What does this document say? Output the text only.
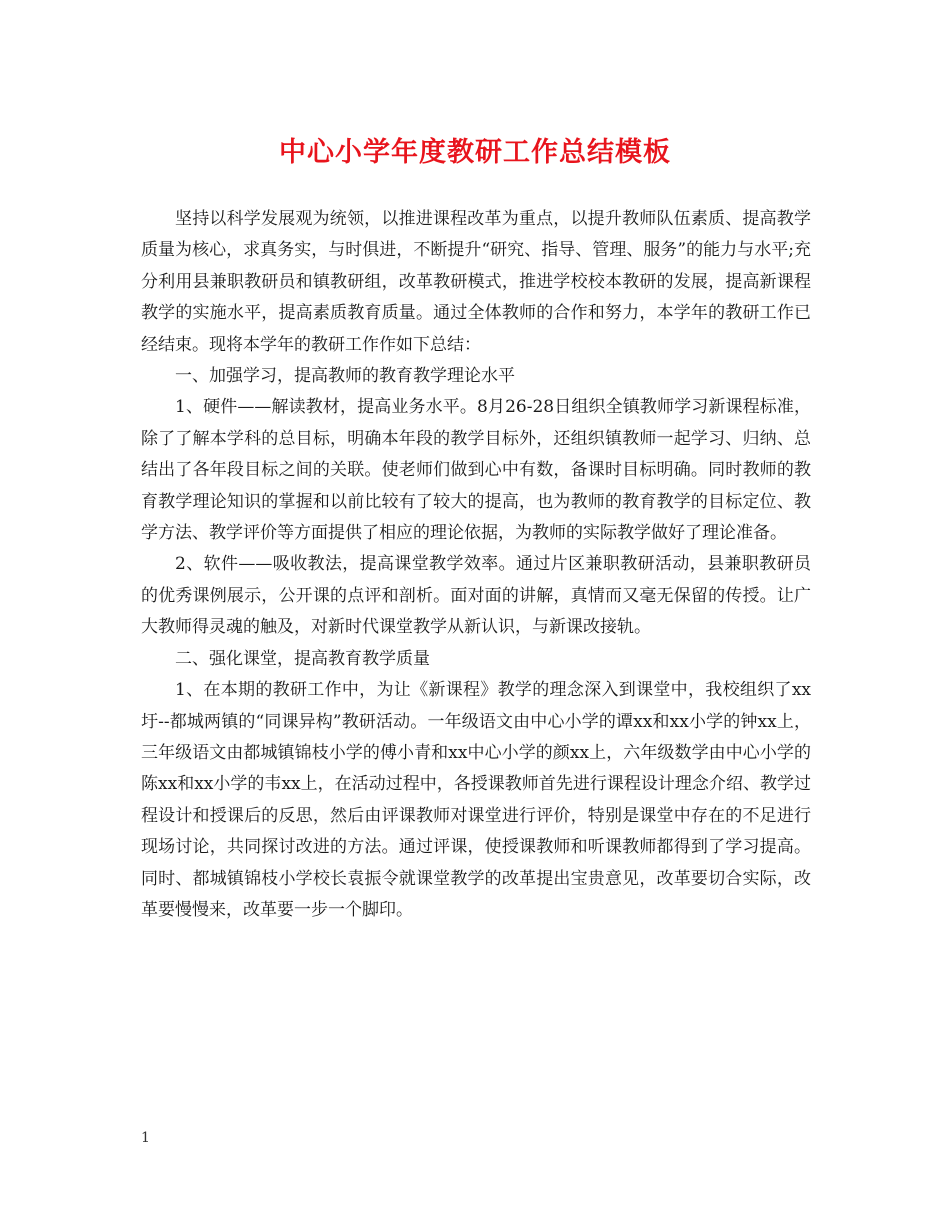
中心小学年度教研工作总结模板

坚持以科学发展观为统领，以推进课程改革为重点，以提升教师队伍素质、提高教学质量为核心，求真务实，与时俱进，不断提升“研究、指导、管理、服务”的能力与水平;充分利用县兼职教研员和镇教研组，改革教研模式，推进学校校本教研的发展，提高新课程教学的实施水平，提高素质教育质量。通过全体教师的合作和努力，本学年的教研工作已经结束。现将本学年的教研工作作如下总结：

一、加强学习，提高教师的教育教学理论水平

1、硬件——解读教材，提高业务水平。8月26-28日组织全镇教师学习新课程标准，除了了解本学科的总目标，明确本年段的教学目标外，还组织镇教师一起学习、归纳、总结出了各年段目标之间的关联。使老师们做到心中有数，备课时目标明确。同时教师的教育教学理论知识的掌握和以前比较有了较大的提高，也为教师的教育教学的目标定位、教学方法、教学评价等方面提供了相应的理论依据，为教师的实际教学做好了理论准备。

2、软件——吸收教法，提高课堂教学效率。通过片区兼职教研活动，县兼职教研员的优秀课例展示，公开课的点评和剖析。面对面的讲解，真情而又毫无保留的传授。让广大教师得灵魂的触及，对新时代课堂教学从新认识，与新课改接轨。

二、强化课堂，提高教育教学质量

1、在本期的教研工作中，为让《新课程》教学的理念深入到课堂中，我校组织了xx圩--都城两镇的“同课异构”教研活动。一年级语文由中心小学的谭xx和xx小学的钟xx上，三年级语文由都城镇锦枝小学的傅小青和xx中心小学的颜xx上，六年级数学由中心小学的陈xx和xx小学的韦xx上，在活动过程中，各授课教师首先进行课程设计理念介绍、教学过程设计和授课后的反思，然后由评课教师对课堂进行评价，特别是课堂中存在的不足进行现场讨论，共同探讨改进的方法。通过评课，使授课教师和听课教师都得到了学习提高。同时、都城镇锦枝小学校长袁振令就课堂教学的改革提出宝贵意见，改革要切合实际，改革要慢慢来，改革要一步一个脚印。

1
